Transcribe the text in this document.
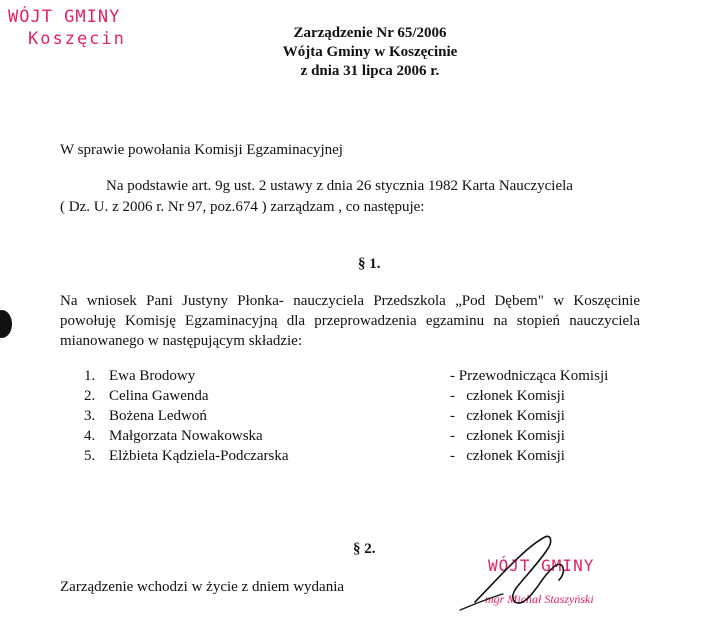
WÓJT GMINY
Koszęcin	Zarządzenie Nr 65/2006
Wójta Gminy w Koszęcinie
z dnia 31 lipca 2006 r.
W sprawie powołania Komisji Egzaminacyjnej
Na podstawie art. 9g ust. 2 ustawy z dnia 26 stycznia 1982 Karta Nauczyciela
( Dz. U. z 2006 r. Nr 97, poz.674 ) zarządzam , co następuje:
§ 1.
Na wniosek Pani Justyny Płonka- nauczyciela Przedszkola „Pod Dębem" w Koszęcinie powołuję Komisję Egzaminacyjną dla przeprowadzenia egzaminu na stopień nauczyciela mianowanego w następującym składzie:
1. Ewa Brodowy	- Przewodnicząca Komisji
2. Celina Gawenda	-   członek Komisji
3. Bożena Ledwoń	-   członek Komisji
4. Małgorzata Nowakowska	-   członek Komisji
5. Elżbieta Kądziela-Podczarska	-   członek Komisji
§ 2.
Zarządzenie wchodzi w życie z dniem wydania
WÓJT GMINY
mgr Michał Staszyński
